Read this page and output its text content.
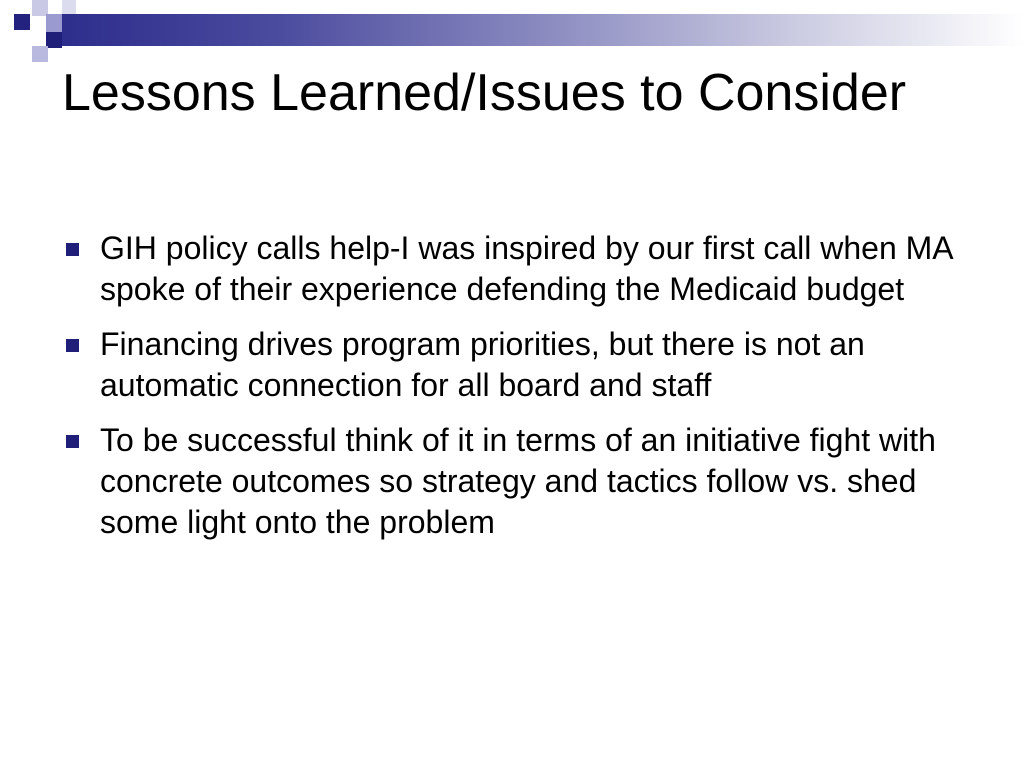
Lessons Learned/Issues to Consider
GIH policy calls help-I was inspired by our first call when MA spoke of their experience defending the Medicaid budget
Financing drives program priorities, but there is not an automatic connection for all board and staff
To be successful think of it in terms of an initiative fight with concrete outcomes so strategy and tactics follow vs. shed some light onto the problem
